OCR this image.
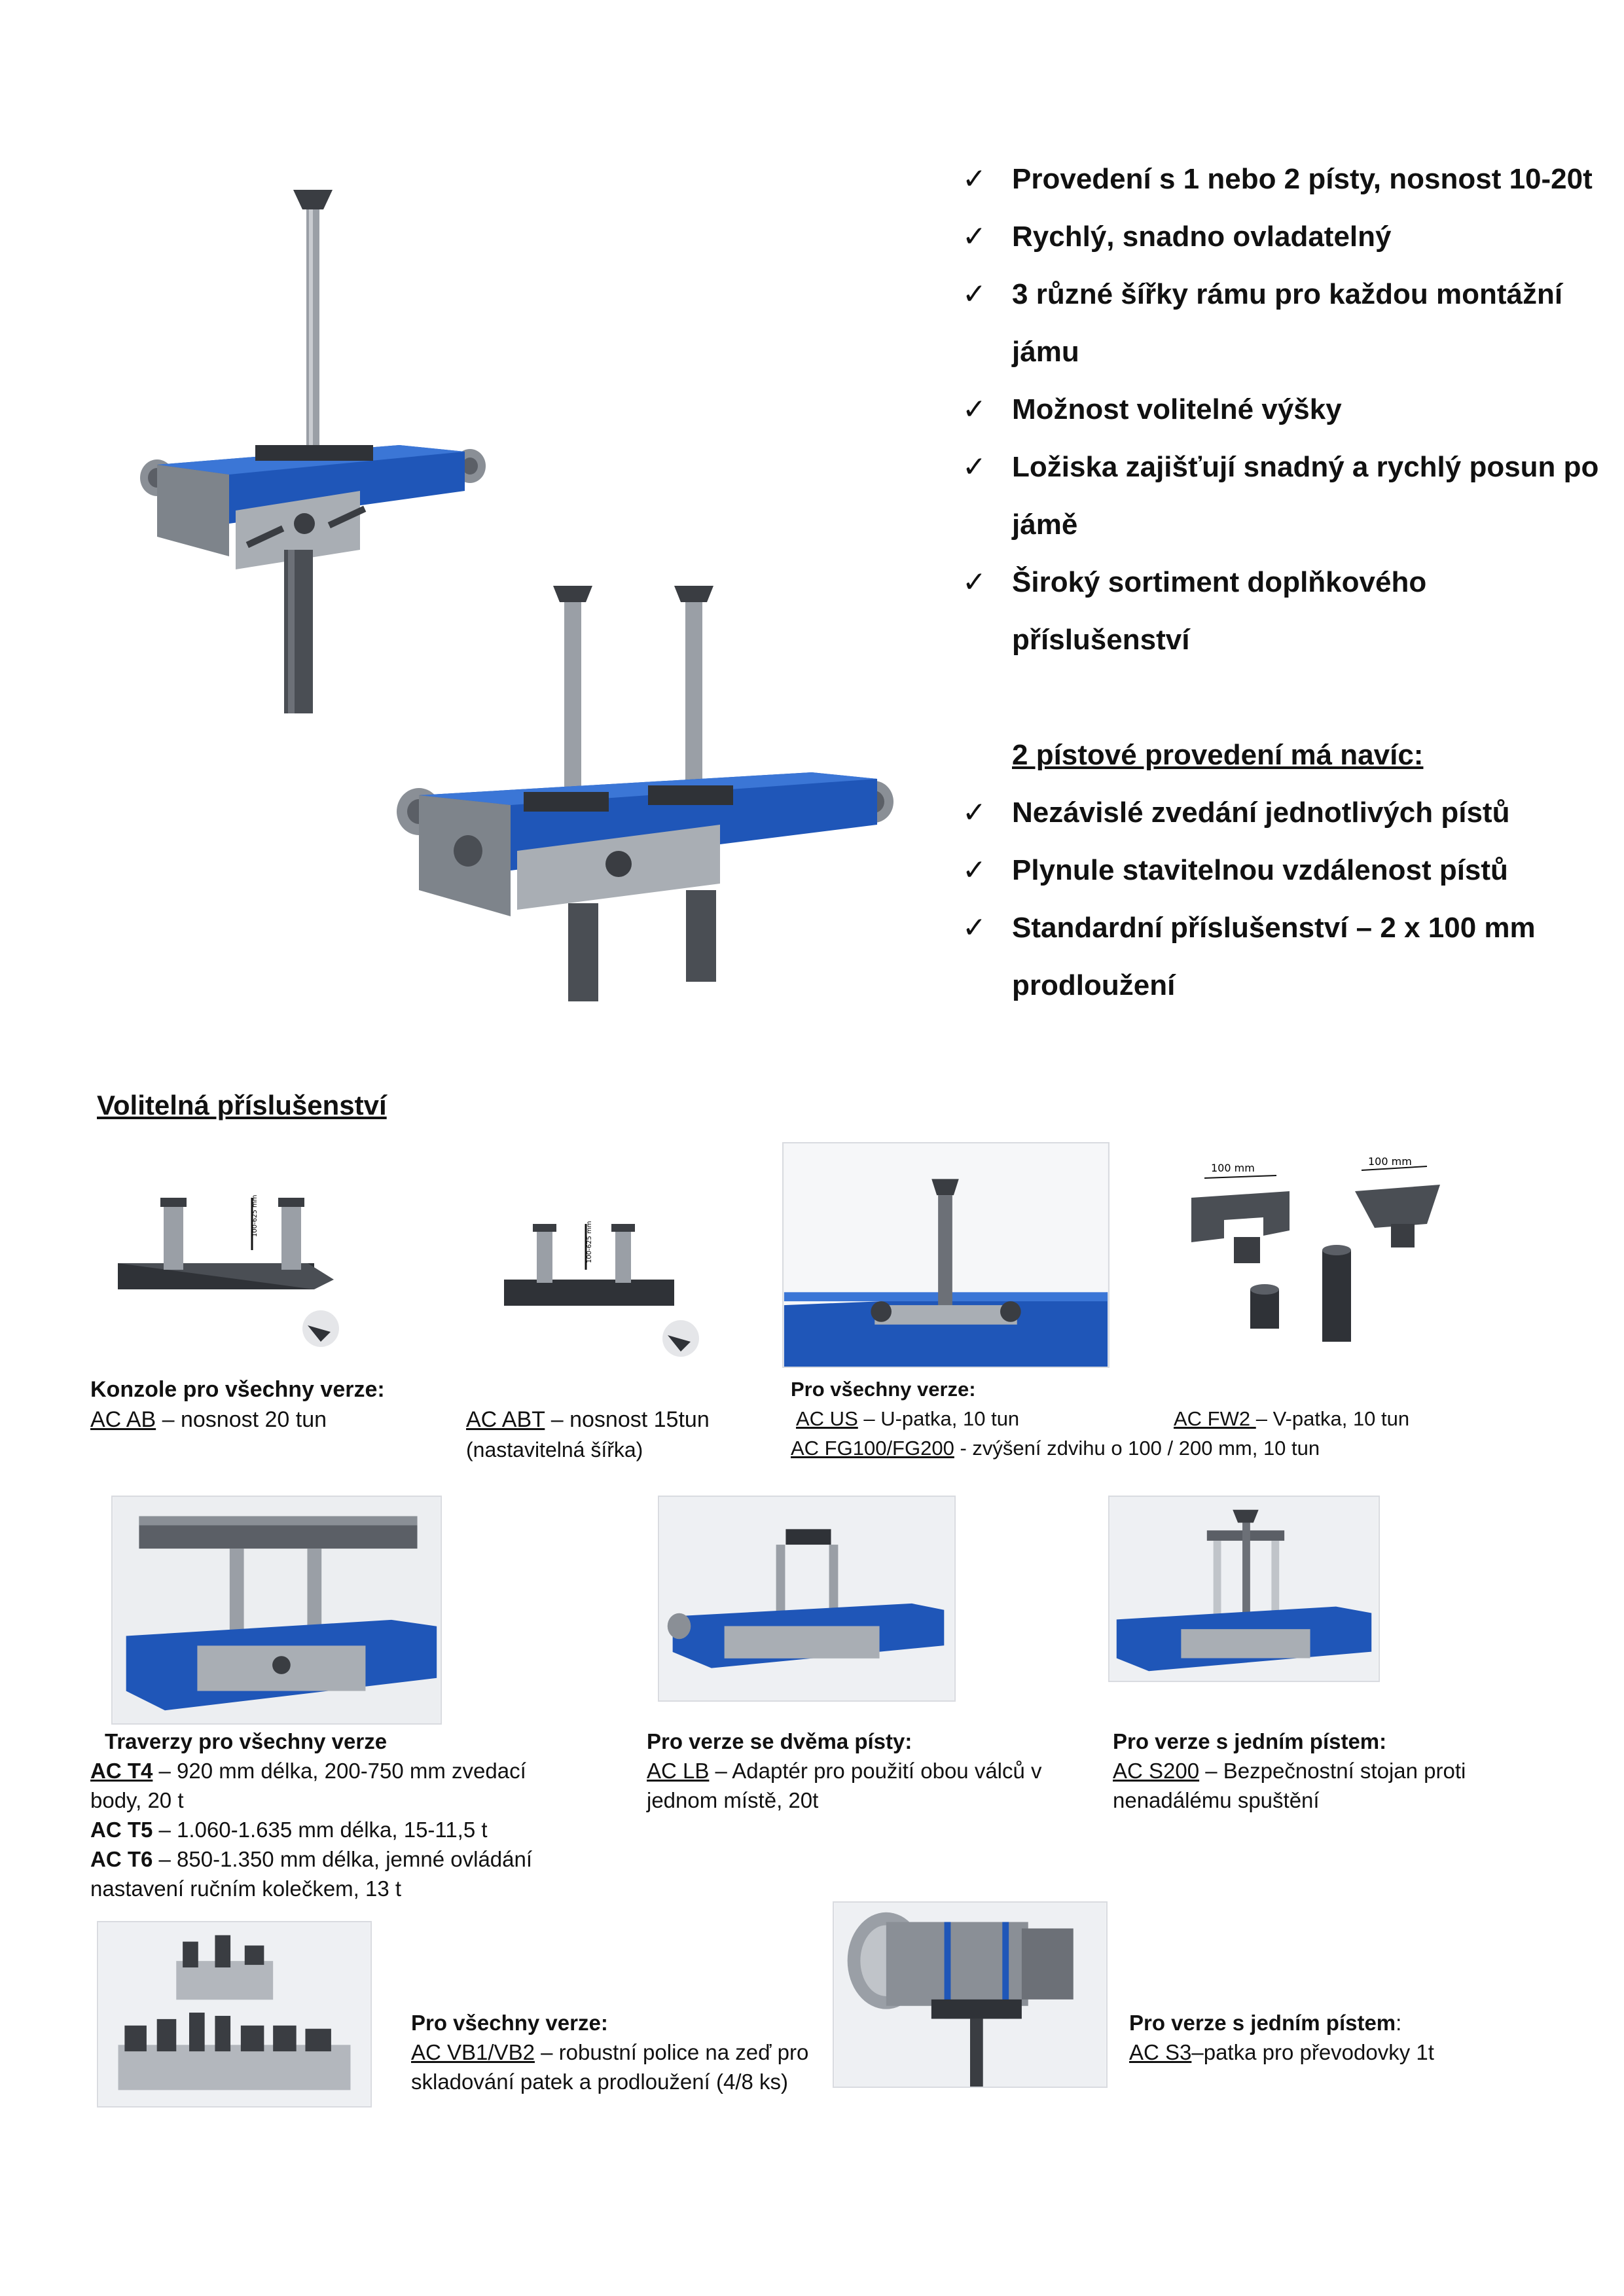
✓ Provedení s 1 nebo 2 písty, nosnost 10-20t
✓ Rychlý, snadno ovladatelný
✓ 3 různé šířky rámu pro každou montážní jámu
✓ Možnost volitelné výšky
✓ Ložiska zajišťují snadný a rychlý posun po jámě
✓ Široký sortiment doplňkového příslušenství
2 pístové provedení má navíc:
✓ Nezávislé zvedání jednotlivých pístů
✓ Plynule stavitelnou vzdálenost pístů
✓ Standardní příslušenství – 2 x 100 mm prodloužení
Volitelná příslušenství
100-625 mm
100-625 mm
100 mm
100 mm
Konzole pro všechny verze:
AC AB – nosnost 20 tun	AC ABT – nosnost 15tun
(nastavitelná šířka)
Pro všechny verze:
AC US – U-patka, 10 tun	AC FW2 – V-patka, 10 tun
AC FG100/FG200 - zvýšení zdvihu o 100 / 200 mm, 10 tun
Traverzy pro všechny verze
AC T4 – 920 mm délka, 200-750 mm zvedací body, 20 t
AC T5 – 1.060-1.635 mm délka, 15-11,5 t
AC T6 – 850-1.350 mm délka, jemné ovládání nastavení ručním kolečkem, 13 t
Pro verze se dvěma písty:
AC LB – Adaptér pro použití obou válců v jednom místě, 20t
Pro verze s jedním pístem:
AC S200 – Bezpečnostní stojan proti nenadálému spuštění
Pro všechny verze:
AC VB1/VB2 – robustní police na zeď pro skladování patek a prodloužení (4/8 ks)
Pro verze s jedním pístem:
AC S3–patka pro převodovky 1t
